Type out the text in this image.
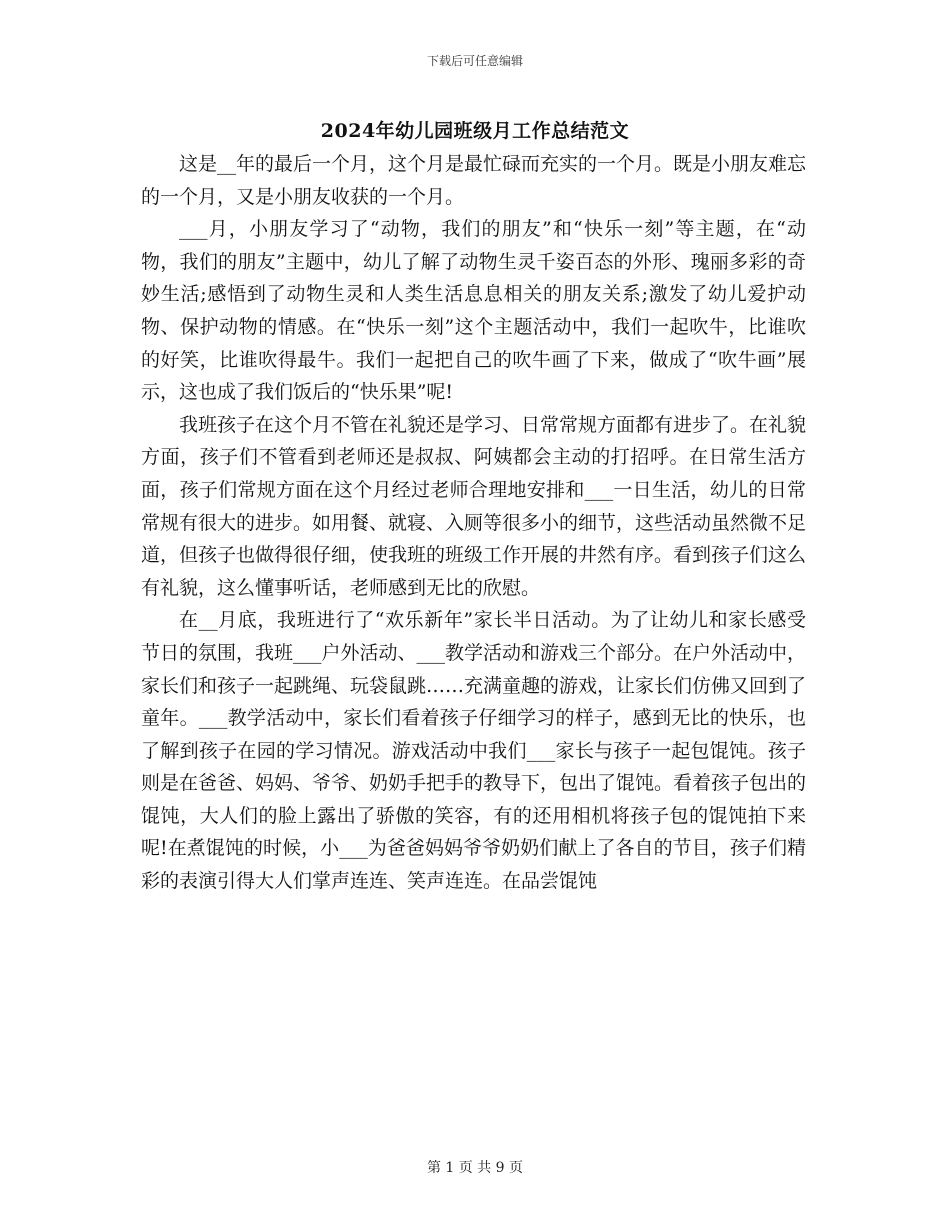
下载后可任意编辑
2024年幼儿园班级月工作总结范文

这是__年的最后一个月，这个月是最忙碌而充实的一个月。既是小朋友难忘的一个月，又是小朋友收获的一个月。

___月，小朋友学习了“动物，我们的朋友”和“快乐一刻”等主题，在“动物，我们的朋友”主题中，幼儿了解了动物生灵千姿百态的外形、瑰丽多彩的奇妙生活;感悟到了动物生灵和人类生活息息相关的朋友关系;激发了幼儿爱护动物、保护动物的情感。在“快乐一刻”这个主题活动中，我们一起吹牛，比谁吹的好笑，比谁吹得最牛。我们一起把自己的吹牛画了下来，做成了“吹牛画”展示，这也成了我们饭后的“快乐果”呢!

我班孩子在这个月不管在礼貌还是学习、日常常规方面都有进步了。在礼貌方面，孩子们不管看到老师还是叔叔、阿姨都会主动的打招呼。在日常生活方面，孩子们常规方面在这个月经过老师合理地安排和___一日生活，幼儿的日常常规有很大的进步。如用餐、就寝、入厕等很多小的细节，这些活动虽然微不足道，但孩子也做得很仔细，使我班的班级工作开展的井然有序。看到孩子们这么有礼貌，这么懂事听话，老师感到无比的欣慰。

在__月底，我班进行了“欢乐新年”家长半日活动。为了让幼儿和家长感受节日的氛围，我班___户外活动、___教学活动和游戏三个部分。在户外活动中，家长们和孩子一起跳绳、玩袋鼠跳……充满童趣的游戏，让家长们仿佛又回到了童年。___教学活动中，家长们看着孩子仔细学习的样子，感到无比的快乐，也了解到孩子在园的学习情况。游戏活动中我们___家长与孩子一起包馄饨。孩子则是在爸爸、妈妈、爷爷、奶奶手把手的教导下，包出了馄饨。看着孩子包出的馄饨，大人们的脸上露出了骄傲的笑容，有的还用相机将孩子包的馄饨拍下来呢!在煮馄饨的时候，小___为爸爸妈妈爷爷奶奶们献上了各自的节目，孩子们精彩的表演引得大人们掌声连连、笑声连连。在品尝馄饨

第 1 页 共 9 页
